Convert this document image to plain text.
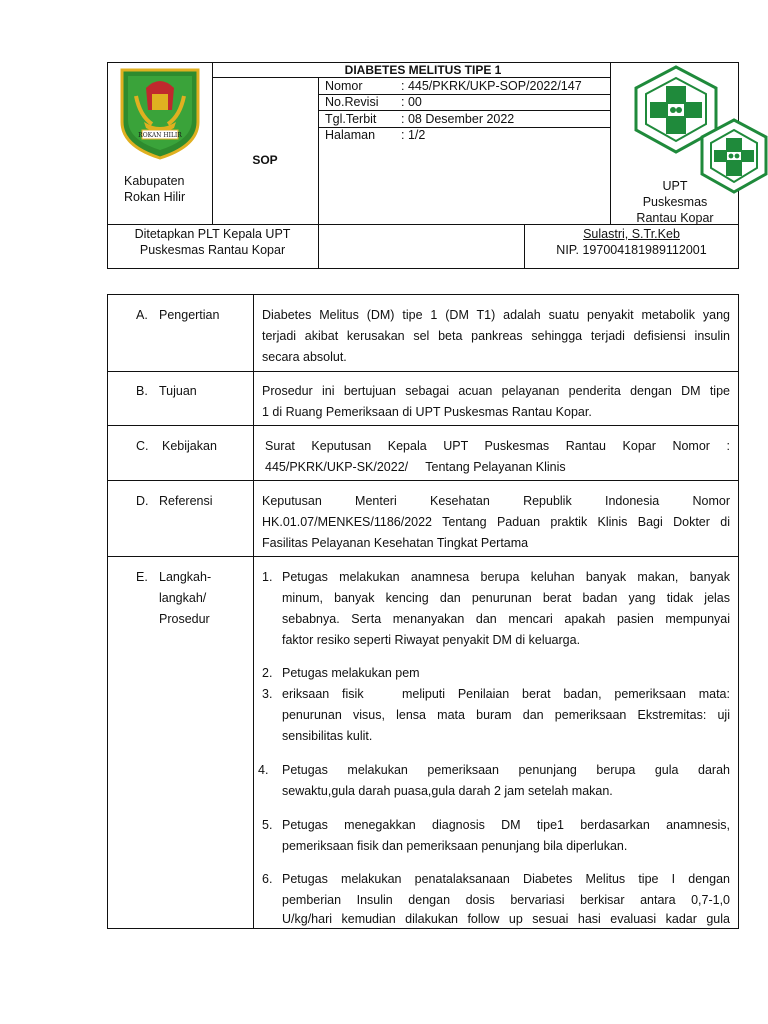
ROKAN HILIR
Kabupaten
Rokan Hilir
DIABETES MELITUS TIPE 1
SOP
Nomor	: 445/PKRK/UKP-SOP/2022/147
No.Revisi : 00
Tgl.Terbit : 08 Desember 2022
Halaman : 1/2
UPT
Puskesmas
Rantau Kopar
Ditetapkan PLT Kepala UPT
Puskesmas Rantau Kopar
Sulastri, S.Tr.Keb
NIP. 197004181989112001
A. Pengertian	Diabetes Melitus (DM) tipe 1 (DM T1) adalah suatu penyakit metabolik yang
terjadi akibat kerusakan sel beta pankreas sehingga terjadi defisiensi insulin
secara absolut.
B. Tujuan	Prosedur ini bertujuan sebagai acuan pelayanan penderita dengan DM tipe
1 di Ruang Pemeriksaan di UPT Puskesmas Rantau Kopar.
C. Kebijakan	Surat Keputusan Kepala UPT Puskesmas Rantau Kopar Nomor :
445/PKRK/UKP-SK/2022/     Tentang Pelayanan Klinis
D. Referensi	Keputusan Menteri Kesehatan Republik Indonesia Nomor
HK.01.07/MENKES/1186/2022 Tentang Paduan praktik Klinis Bagi Dokter di
Fasilitas Pelayanan Kesehatan Tingkat Pertama
E. Langkah-
langkah/
Prosedur
1. Petugas melakukan anamnesa berupa keluhan banyak makan, banyak
minum, banyak kencing dan penurunan berat badan yang tidak jelas
sebabnya. Serta menanyakan dan mencari apakah pasien mempunyai
faktor resiko seperti Riwayat penyakit DM di keluarga.
2. Petugas melakukan pem
3. eriksaan fisik   meliputi Penilaian berat badan, pemeriksaan mata:
penurunan visus, lensa mata buram dan pemeriksaan Ekstremitas: uji
sensibilitas kulit.
4. Petugas melakukan pemeriksaan penunjang berupa gula darah
sewaktu,gula darah puasa,gula darah 2 jam setelah makan.
5. Petugas menegakkan diagnosis DM tipe1 berdasarkan anamnesis,
pemeriksaan fisik dan pemeriksaan penunjang bila diperlukan.
6. Petugas melakukan penatalaksanaan Diabetes Melitus tipe I dengan
pemberian Insulin dengan dosis bervariasi berkisar antara 0,7-1,0
U/kg/hari kemudian dilakukan follow up sesuai hasi evaluasi kadar gula
